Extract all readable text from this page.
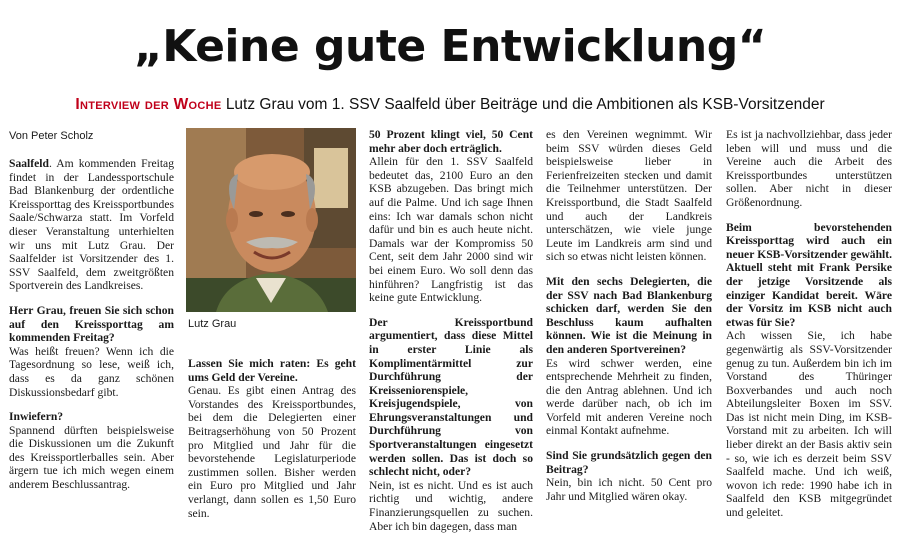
„Keine gute Entwicklung“
Interview der Woche Lutz Grau vom 1. SSV Saalfeld über Beiträge und die Ambitionen als KSB-Vorsitzender
Von Peter Scholz

Saalfeld. Am kommenden Freitag findet in der Landessportschule Bad Blankenburg der ordentliche Kreissporttag des Kreissportbundes Saale/Schwarza statt. Im Vorfeld dieser Veranstaltung unterhielten wir uns mit Lutz Grau. Der Saalfelder ist Vorsitzender des 1. SSV Saalfeld, dem zweitgrößten Sportverein des Landkreises.

Herr Grau, freuen Sie sich schon auf den Kreissporttag am kommenden Freitag?
Was heißt freuen? Wenn ich die Tagesordnung so lese, weiß ich, dass es da ganz schönen Diskussionsbedarf gibt.

Inwiefern?
Spannend dürften beispielsweise die Diskussionen um die Zukunft des Kreissportlerballes sein. Aber ärgern tue ich mich wegen einem anderem Beschlussantrag.

Lutz Grau

Lassen Sie mich raten: Es geht ums Geld der Vereine.
Genau. Es gibt einen Antrag des Vorstandes des Kreissportbundes, bei dem die Delegierten einer Beitragserhöhung von 50 Prozent pro Mitglied und Jahr für die bevorstehende Legislaturperiode zustimmen sollen. Bisher werden ein Euro pro Mitglied und Jahr verlangt, dann sollen es 1,50 Euro sein.

50 Prozent klingt viel, 50 Cent mehr aber doch erträglich.
Allein für den 1. SSV Saalfeld bedeutet das, 2100 Euro an den KSB abzugeben. Das bringt mich auf die Palme. Und ich sage Ihnen eins: Ich war damals schon nicht dafür und bin es auch heute nicht. Damals war der Kompromiss 50 Cent, seit dem Jahr 2000 sind wir bei einem Euro. Wo soll denn das hinführen? Langfristig ist das keine gute Entwicklung.

Der Kreissportbund argumentiert, dass diese Mittel in erster Linie als Komplimentärmittel zur Durchführung der Kreisseniorenspiele, Kreisjugendspiele, von Ehrungsveranstaltungen und Durchführung von Sportveranstaltungen eingesetzt werden sollen. Das ist doch so schlecht nicht, oder?
Nein, ist es nicht. Und es ist auch richtig und wichtig, andere Finanzierungsquellen zu suchen. Aber ich bin dagegen, dass man

es den Vereinen wegnimmt. Wir beim SSV würden dieses Geld beispielsweise lieber in Ferienfreizeiten stecken und damit die Teilnehmer unterstützen. Der Kreissportbund, die Stadt Saalfeld und auch der Landkreis unterschätzen, wie viele junge Leute im Landkreis arm sind und sich so etwas nicht leisten können.

Mit den sechs Delegierten, die der SSV nach Bad Blankenburg schicken darf, werden Sie den Beschluss kaum aufhalten können. Wie ist die Meinung in den anderen Sportvereinen?
Es wird schwer werden, eine entsprechende Mehrheit zu finden, die den Antrag ablehnen. Und ich werde darüber nach, ob ich im Vorfeld mit anderen Vereine noch einmal Kontakt aufnehme.

Sind Sie grundsätzlich gegen den Beitrag?
Nein, bin ich nicht. 50 Cent pro Jahr und Mitglied wären okay.

Es ist ja nachvollziehbar, dass jeder leben will und muss und die Vereine auch die Arbeit des Kreissportbundes unterstützen sollen. Aber nicht in dieser Größenordnung.

Beim bevorstehenden Kreissporttag wird auch ein neuer KSB-Vorsitzender gewählt. Aktuell steht mit Frank Persike der jetzige Vorsitzende als einziger Kandidat bereit. Wäre der Vorsitz im KSB nicht auch etwas für Sie?
Ach wissen Sie, ich habe gegenwärtig als SSV-Vorsitzender genug zu tun. Außerdem bin ich im Vorstand des Thüringer Boxverbandes und auch noch Abteilungsleiter Boxen im SSV. Das ist nicht mein Ding, im KSB-Vorstand mit zu arbeiten. Ich will lieber direkt an der Basis aktiv sein - so, wie ich es derzeit beim SSV Saalfeld mache. Und ich weiß, wovon ich rede: 1990 habe ich in Saalfeld den KSB mitgegründet und geleitet.
